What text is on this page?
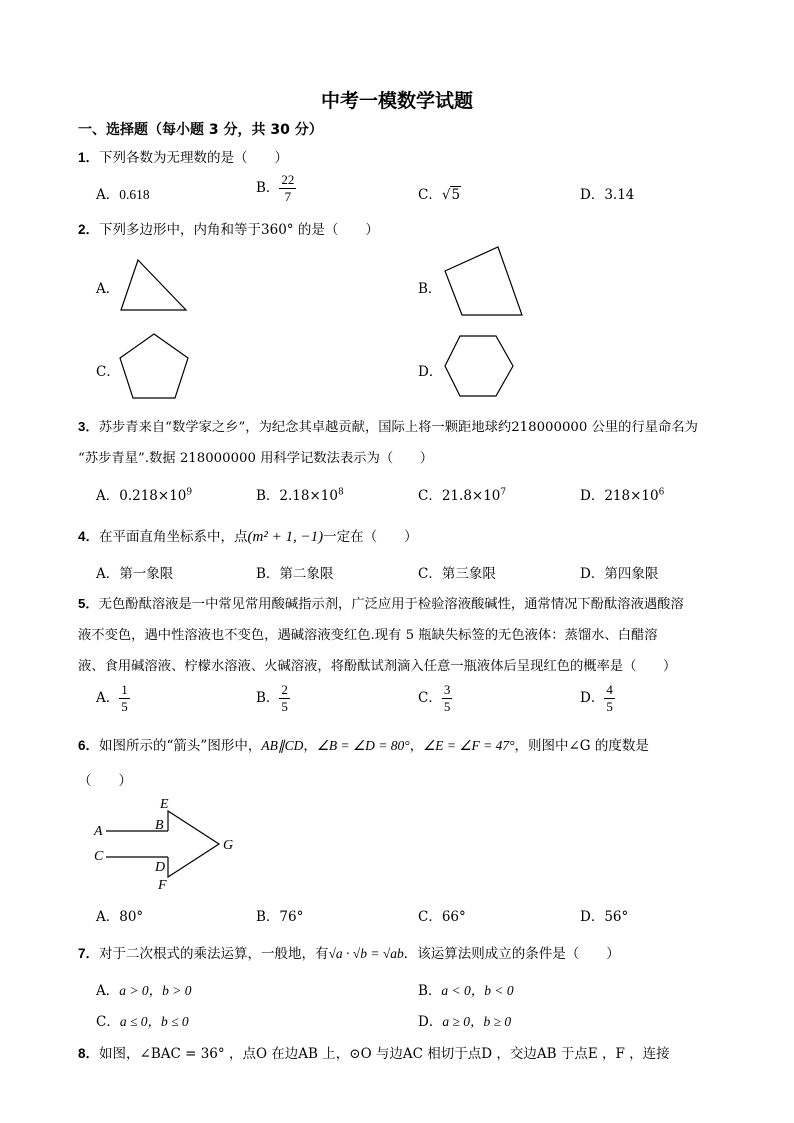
中考一模数学试题
一、选择题（每小题 3 分，共 30 分）
1．下列各数为无理数的是（　　）
A．0.618	B． $\frac{22}{7}$	C．√5	D．3.14
2．下列多边形中，内角和等于360° 的是（　　）
A．	B．
C．	D．
3．苏步青来自“数学家之乡”，为纪念其卓越贡献，国际上将一颗距地球约218000000 公里的行星命名为
“苏步青星”.数据 218000000 用科学记数法表示为（　　）
A．$0.218\times 10^9$	B．$2.18\times 10^8$	C．$21.8\times 10^7$	D．$218\times 10^6$
4．在平面直角坐标系中，点(m² + 1, −1)一定在（　　）
A．第一象限	B．第二象限	C．第三象限	D．第四象限
5．无色酚酞溶液是一中常见常用酸碱指示剂，广泛应用于检验溶液酸碱性，通常情况下酚酞溶液遇酸溶
液不变色，遇中性溶液也不变色，遇碱溶液变红色.现有 5 瓶缺失标签的无色液体：蒸馏水、白醋溶
液、食用碱溶液、柠檬水溶液、火碱溶液，将酚酞试剂滴入任意一瓶液体后呈现红色的概率是（　　）
A． $\frac{1}{5}$	B． $\frac{2}{5}$	C． $\frac{3}{5}$	D． $\frac{4}{5}$
6．如图所示的“箭头”图形中，AB∥CD，∠B = ∠D = 80°，∠E = ∠F = 47°，则图中∠G 的度数是
（　　）
E
B
A
C
D
F
G
A．80°	B．76°	C．66°	D．56°
7．对于二次根式的乘法运算，一般地，有√a · √b = √ab．该运算法则成立的条件是（　　）
A．a > 0，b > 0	B．a < 0，b < 0
C．a ≤ 0，b ≤ 0	D．a ≥ 0，b ≥ 0
8．如图，∠BAC = 36° ，点O 在边AB 上，⊙O 与边AC 相切于点D ，交边AB 于点E ，F ，连接
